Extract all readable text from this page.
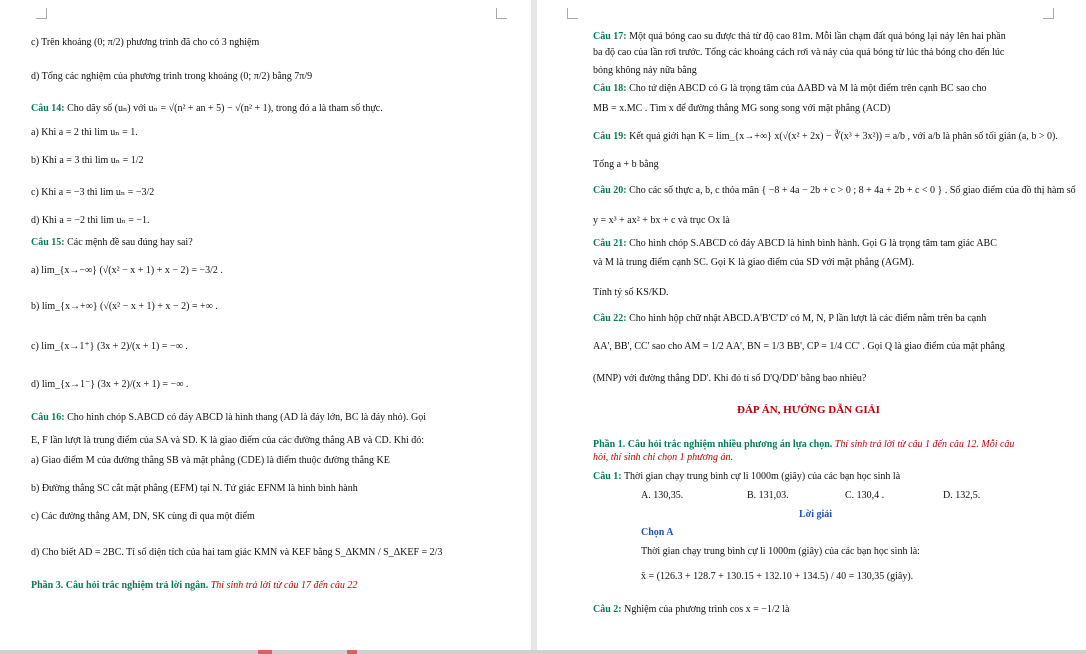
c) Trên khoảng (0; π/2) phương trình đã cho có 3 nghiệm
d) Tổng các nghiệm của phương trình trong khoảng (0; π/2) bằng 7π/9
Câu 14: Cho dãy số (uₙ) với uₙ = √(n² + an + 5) − √(n² + 1), trong đó a là tham số thực.
a) Khi a = 2 thì lim uₙ = 1.
b) Khi a = 3 thì lim uₙ = 1/2
c) Khi a = −3 thì lim uₙ = −3/2
d) Khi a = −2 thì lim uₙ = −1.
Câu 15: Các mệnh đề sau đúng hay sai?
a) lim_{x→−∞} (√(x² − x + 1) + x − 2) = −3/2 .
b) lim_{x→+∞} (√(x² − x + 1) + x − 2) = +∞ .
c) lim_{x→1⁺} (3x + 2)/(x + 1) = −∞ .
d) lim_{x→1⁻} (3x + 2)/(x + 1) = −∞ .
Câu 16: Cho hình chóp S.ABCD có đáy ABCD là hình thang (AD là đáy lớn, BC là đáy nhỏ). Gọi
E, F lần lượt là trung điểm của SA và SD. K là giao điểm của các đường thẳng AB và CD. Khi đó:
a) Giao điểm M của đường thẳng SB và mặt phẳng (CDE) là điểm thuộc đường thẳng KE
b) Đường thẳng SC cắt mặt phẳng (EFM) tại N. Tứ giác EFNM là hình bình hành
c) Các đường thẳng AM, DN, SK cùng đi qua một điểm
d) Cho biết AD = 2BC. Tỉ số diện tích của hai tam giác KMN và KEF bằng S_ΔKMN / S_ΔKEF = 2/3
Phần 3. Câu hỏi trắc nghiệm trả lời ngắn. Thí sinh trả lời từ câu 17 đến câu 22
Câu 17: Một quả bóng cao su được thả từ độ cao 81m. Mỗi lần chạm đất quả bóng lại nảy lên hai phần
ba độ cao của lần rơi trước. Tổng các khoảng cách rơi và nảy của quả bóng từ lúc thả bóng cho đến lúc
bóng không nảy nữa bằng
Câu 18: Cho tứ diện ABCD có G là trọng tâm của ΔABD và M là một điểm trên cạnh BC sao cho
MB = x.MC . Tìm x để đường thẳng MG song song với mặt phẳng (ACD)
Câu 19: Kết quả giới hạn K = lim_{x→+∞} x(√(x² + 2x) − ∛(x³ + 3x²)) = a/b , với a/b là phân số tối giản (a, b > 0).
Tổng a + b bằng
Câu 20: Cho các số thực a, b, c thỏa mãn { −8 + 4a − 2b + c > 0 ; 8 + 4a + 2b + c < 0 } . Số giao điểm của đồ thị hàm số
y = x³ + ax² + bx + c và trục Ox là
Câu 21: Cho hình chóp S.ABCD có đáy ABCD là hình bình hành. Gọi G là trọng tâm tam giác ABC
và M là trung điểm cạnh SC. Gọi K là giao điểm của SD với mặt phẳng (AGM).
Tính tỷ số KS/KD.
Câu 22: Cho hình hộp chữ nhật ABCD.A'B'C'D' có M, N, P lần lượt là các điểm nằm trên ba cạnh
AA', BB', CC' sao cho AM = 1/2 AA', BN = 1/3 BB', CP = 1/4 CC' . Gọi Q là giao điểm của mặt phẳng
(MNP) với đường thẳng DD'. Khi đó tỉ số D'Q/DD' bằng bao nhiêu?
ĐÁP ÁN, HƯỚNG DẪN GIẢI
Phần 1. Câu hỏi trắc nghiệm nhiều phương án lựa chọn. Thí sinh trả lời từ câu 1 đến câu 12. Mỗi câu
hỏi, thí sinh chỉ chọn 1 phương án.
Câu 1: Thời gian chạy trung bình cự li 1000m (giây) của các bạn học sinh là
A. 130,35.	B. 131,03.	C. 130,4 .	D. 132,5.
Lời giải
Chọn A
Thời gian chạy trung bình cự li 1000m (giây) của các bạn học sinh là:
x̄ = (126.3 + 128.7 + 130.15 + 132.10 + 134.5) / 40 = 130,35 (giây).
Câu 2: Nghiệm của phương trình cos x = −1/2 là
